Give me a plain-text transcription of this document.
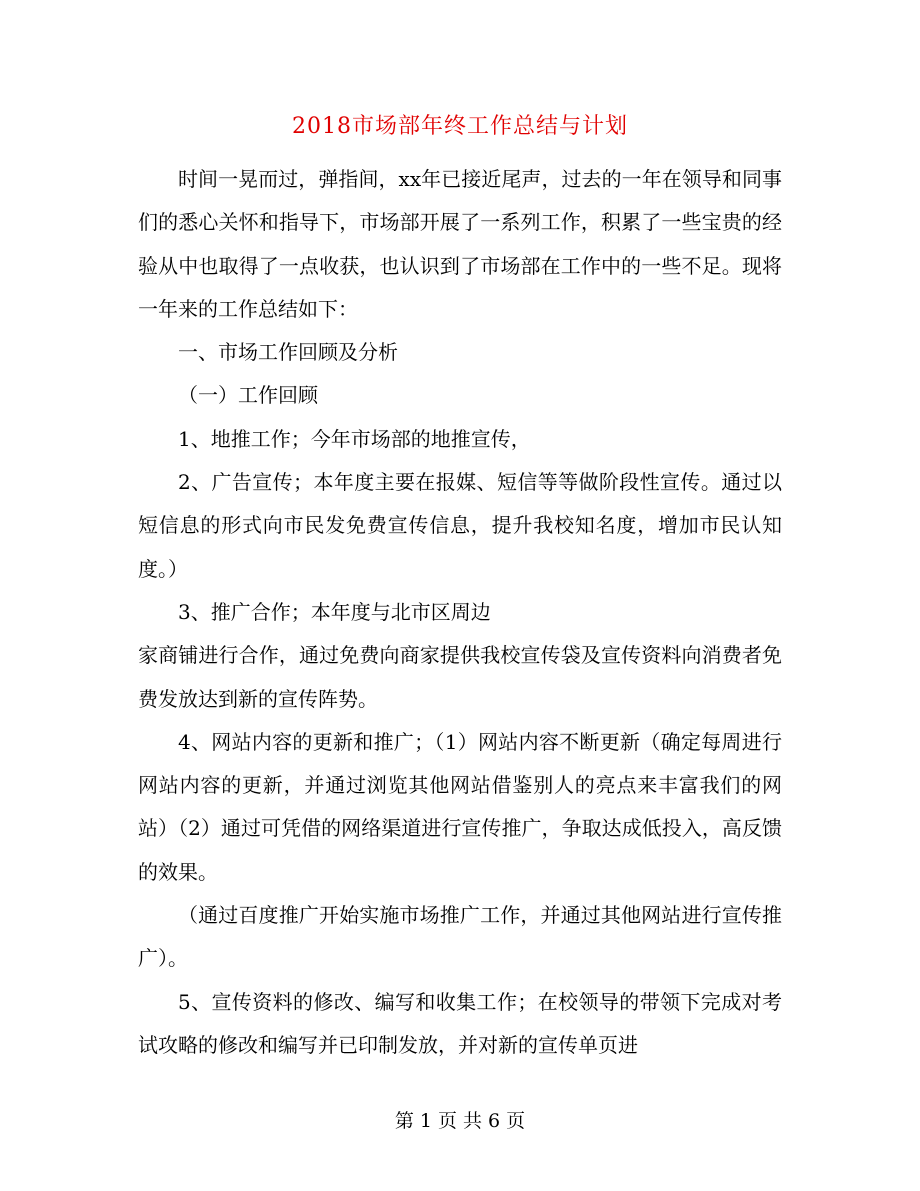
2018市场部年终工作总结与计划

时间一晃而过，弹指间，xx年已接近尾声，过去的一年在领导和同事们的悉心关怀和指导下，市场部开展了一系列工作，积累了一些宝贵的经验从中也取得了一点收获，也认识到了市场部在工作中的一些不足。现将一年来的工作总结如下：

一、市场工作回顾及分析

（一）工作回顾

1、地推工作；今年市场部的地推宣传，

2、广告宣传；本年度主要在报媒、短信等等做阶段性宣传。通过以短信息的形式向市民发免费宣传信息，提升我校知名度，增加市民认知度。）

3、推广合作；本年度与北市区周边

家商铺进行合作，通过免费向商家提供我校宣传袋及宣传资料向消费者免费发放达到新的宣传阵势。

4、网站内容的更新和推广；（1）网站内容不断更新（确定每周进行网站内容的更新，并通过浏览其他网站借鉴别人的亮点来丰富我们的网站）（2）通过可凭借的网络渠道进行宣传推广，争取达成低投入，高反馈的效果。

（通过百度推广开始实施市场推广工作，并通过其他网站进行宣传推广）。

5、宣传资料的修改、编写和收集工作；在校领导的带领下完成对考试攻略的修改和编写并已印制发放，并对新的宣传单页进

第 1 页 共 6 页
